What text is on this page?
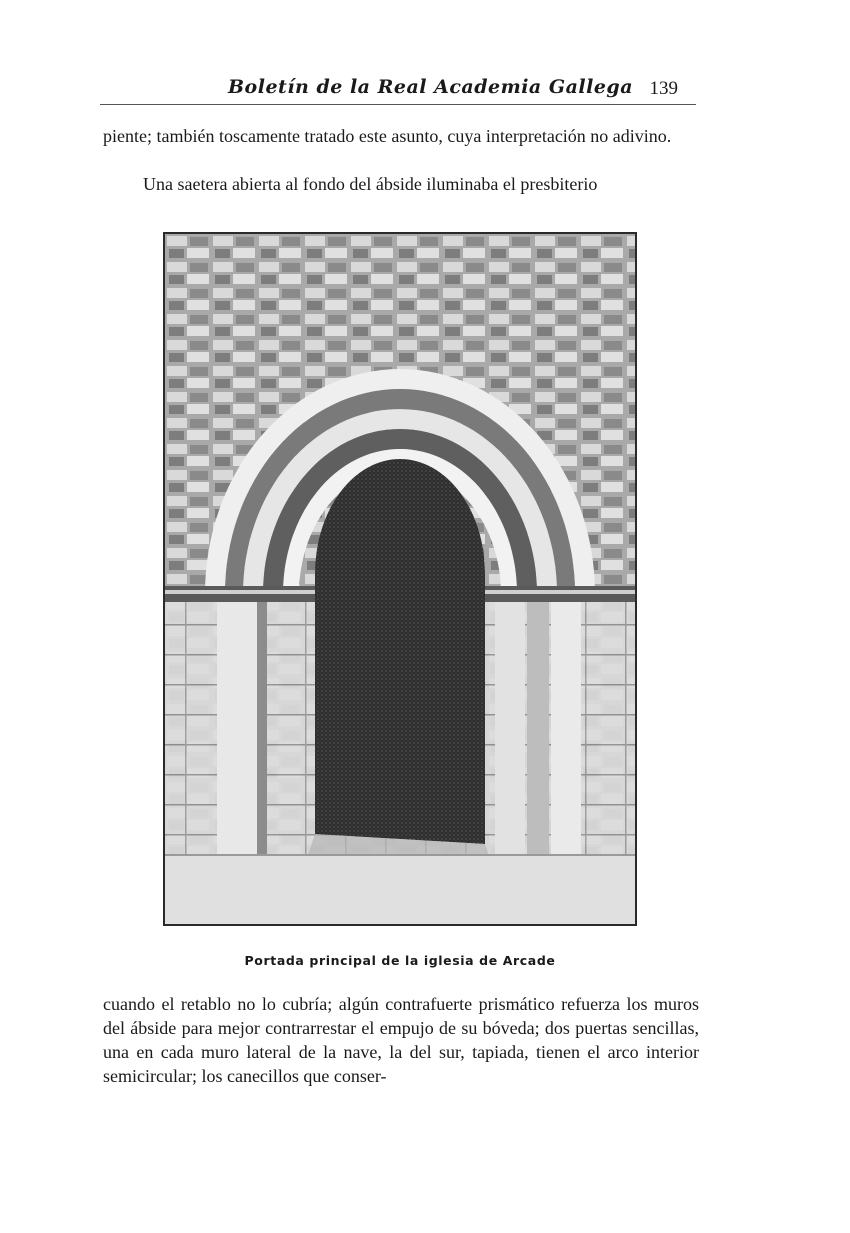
Boletín de la Real Academia Gallega 139
piente; también toscamente tratado este asunto, cuya interpretación no adivino.
Una saetera abierta al fondo del ábside iluminaba el presbiterio
Portada principal de la iglesia de Arcade
cuando el retablo no lo cubría; algún contrafuerte prismático refuerza los muros del ábside para mejor contrarrestar el empujo de su bóveda; dos puertas sencillas, una en cada muro lateral de la nave, la del sur, tapiada, tienen el arco interior semicircular; los canecillos que conser-
